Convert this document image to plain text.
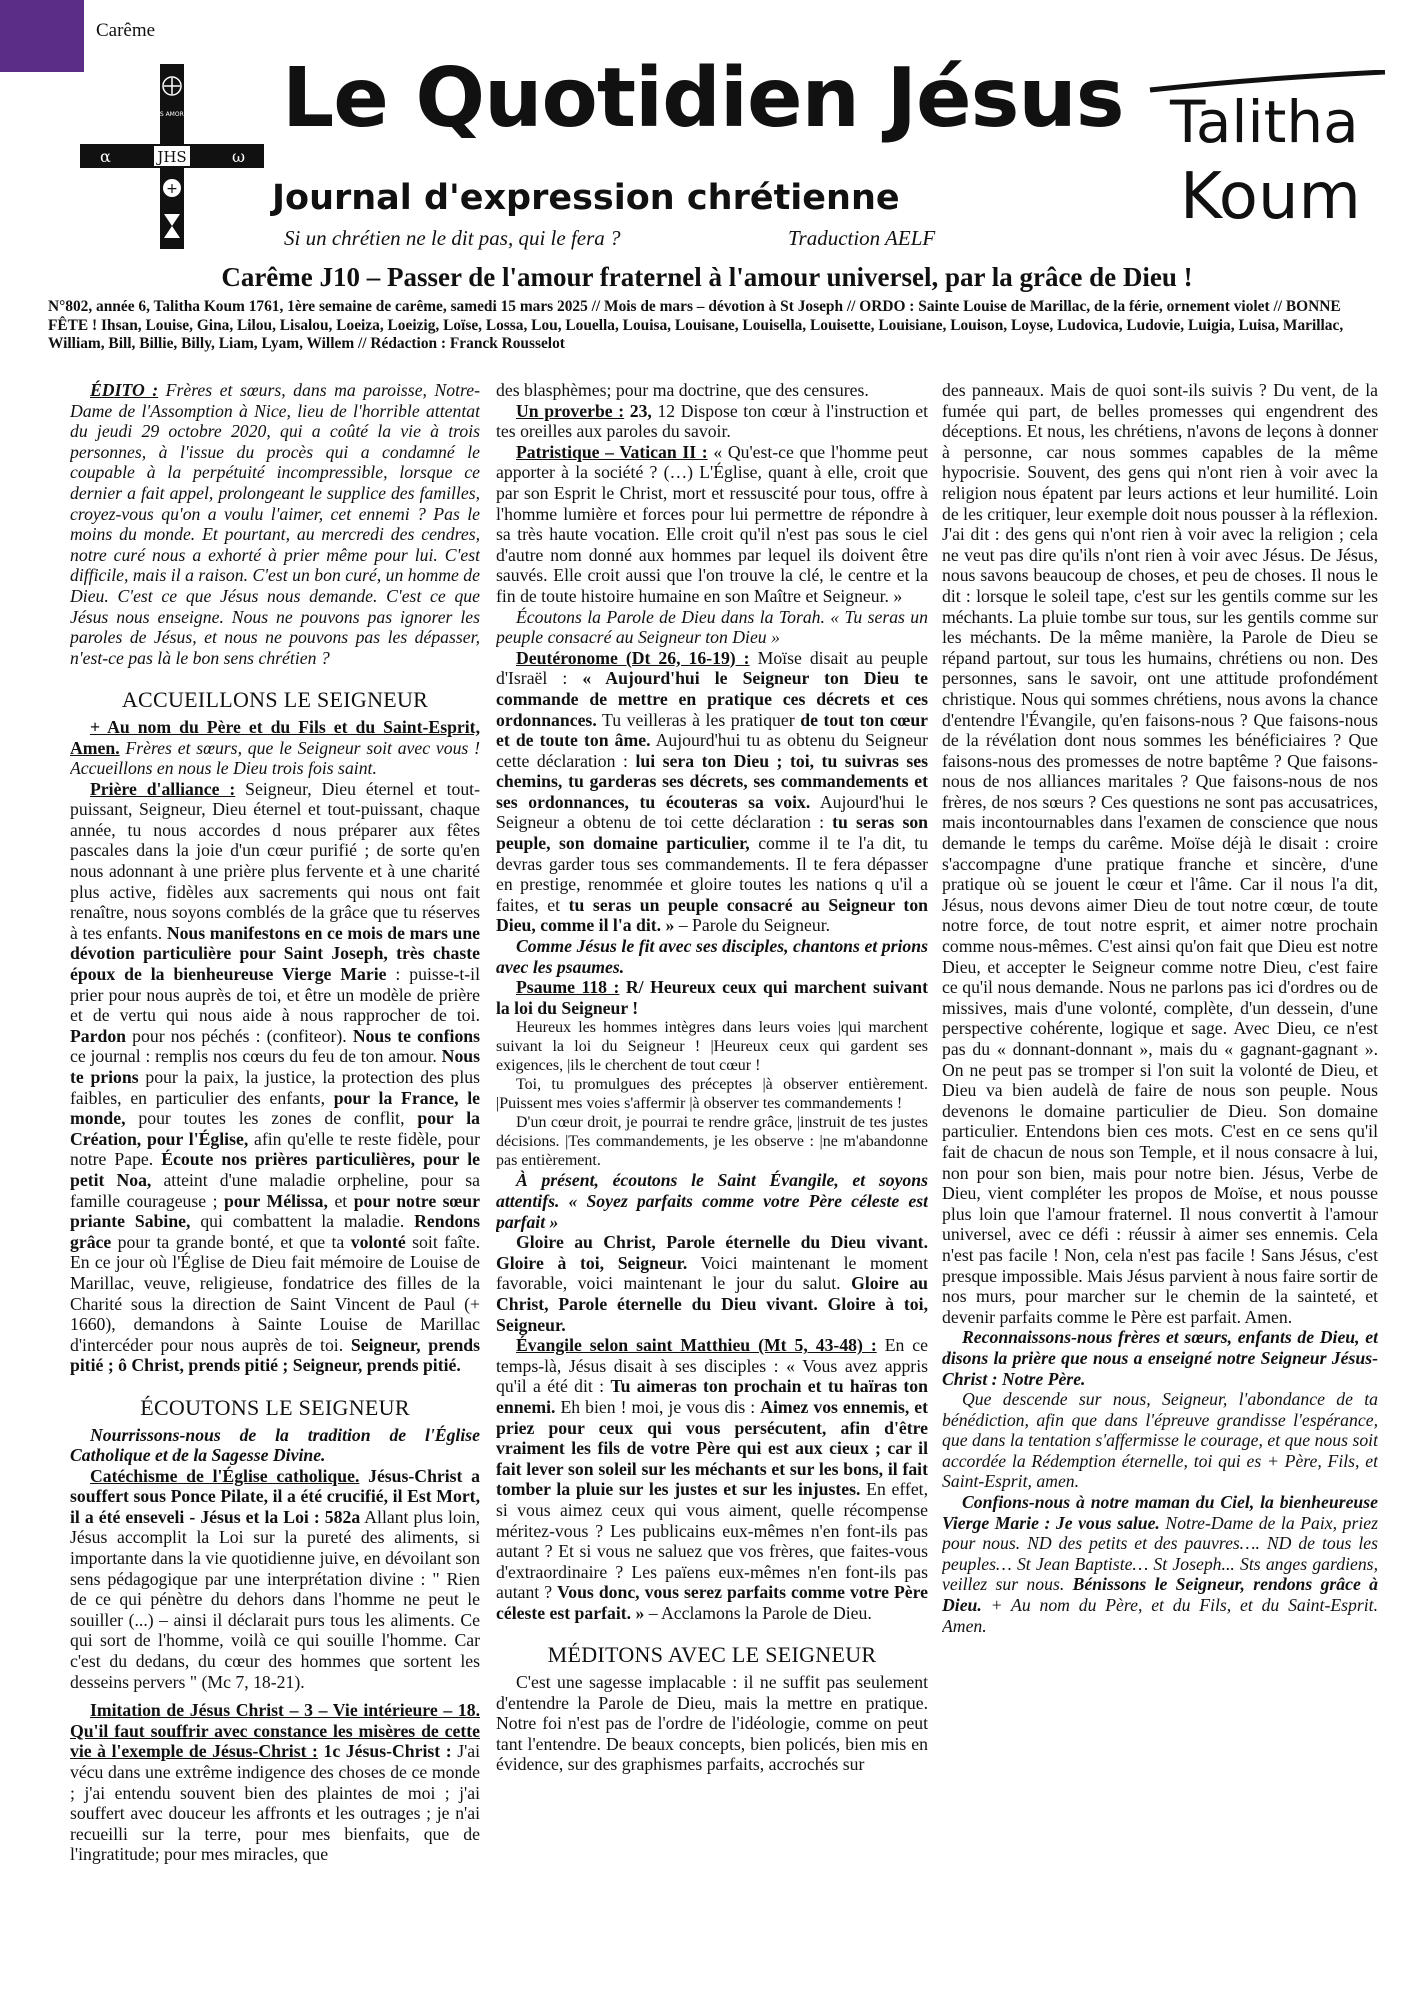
Carême
DEUS AMOR EST
α	ω
JHS
+
Le Quotidien Jésus
Journal d'expression chrétienne
Si un chrétien ne le dit pas, qui le fera ?	Traduction AELF
Talitha
Koum
Carême J10 – Passer de l'amour fraternel à l'amour universel, par la grâce de Dieu !
N°802, année 6, Talitha Koum 1761, 1ère semaine de carême, samedi 15 mars 2025 // Mois de mars – dévotion à St Joseph // ORDO : Sainte Louise de Marillac, de la férie, ornement violet // BONNE FÊTE ! Ihsan, Louise, Gina, Lilou, Lisalou, Loeiza, Loeizig, Loïse, Lossa, Lou, Louella, Louisa, Louisane, Louisella, Louisette, Louisiane, Louison, Loyse, Ludovica, Ludovie, Luigia, Luisa, Marillac, William, Bill, Billie, Billy, Liam, Lyam, Willem // Rédaction : Franck Rousselot

ÉDITO : Frères et sœurs, dans ma paroisse, Notre-Dame de l'Assomption à Nice, lieu de l'horrible attentat du jeudi 29 octobre 2020, qui a coûté la vie à trois personnes, à l'issue du procès qui a condamné le coupable à la perpétuité incompressible, lorsque ce dernier a fait appel, prolongeant le supplice des familles, croyez-vous qu'on a voulu l'aimer, cet ennemi ? Pas le moins du monde. Et pourtant, au mercredi des cendres, notre curé nous a exhorté à prier même pour lui. C'est difficile, mais il a raison. C'est un bon curé, un homme de Dieu. C'est ce que Jésus nous demande. C'est ce que Jésus nous enseigne. Nous ne pouvons pas ignorer les paroles de Jésus, et nous ne pouvons pas les dépasser, n'est-ce pas là le bon sens chrétien ?

ACCUEILLONS LE SEIGNEUR

+ Au nom du Père et du Fils et du Saint-Esprit, Amen. Frères et sœurs, que le Seigneur soit avec vous ! Accueillons en nous le Dieu trois fois saint.

Prière d'alliance : Seigneur, Dieu éternel et tout-puissant, Seigneur, Dieu éternel et tout-puissant, chaque année, tu nous accordes d nous préparer aux fêtes pascales dans la joie d'un cœur purifié ; de sorte qu'en nous adonnant à une prière plus fervente et à une charité plus active, fidèles aux sacrements qui nous ont fait renaître, nous soyons comblés de la grâce que tu réserves à tes enfants. Nous manifestons en ce mois de mars une dévotion particulière pour Saint Joseph, très chaste époux de la bienheureuse Vierge Marie : puisse-t-il prier pour nous auprès de toi, et être un modèle de prière et de vertu qui nous aide à nous rapprocher de toi. Pardon pour nos péchés : (confiteor). Nous te confions ce journal : remplis nos cœurs du feu de ton amour. Nous te prions pour la paix, la justice, la protection des plus faibles, en particulier des enfants, pour la France, le monde, pour toutes les zones de conflit, pour la Création, pour l'Église, afin qu'elle te reste fidèle, pour notre Pape. Écoute nos prières particulières, pour le petit Noa, atteint d'une maladie orpheline, pour sa famille courageuse ; pour Mélissa, et pour notre sœur priante Sabine, qui combattent la maladie. Rendons grâce pour ta grande bonté, et que ta volonté soit faîte. En ce jour où l'Église de Dieu fait mémoire de Louise de Marillac, veuve, religieuse, fondatrice des filles de la Charité sous la direction de Saint Vincent de Paul (+ 1660), demandons à Sainte Louise de Marillac d'intercéder pour nous auprès de toi. Seigneur, prends pitié ; ô Christ, prends pitié ; Seigneur, prends pitié.

ÉCOUTONS LE SEIGNEUR

Nourrissons-nous de la tradition de l'Église Catholique et de la Sagesse Divine.

Catéchisme de l'Église catholique. Jésus-Christ a souffert sous Ponce Pilate, il a été crucifié, il Est Mort, il a été enseveli - Jésus et la Loi : 582a Allant plus loin, Jésus accomplit la Loi sur la pureté des aliments, si importante dans la vie quotidienne juive, en dévoilant son sens pédagogique par une interprétation divine : " Rien de ce qui pénètre du dehors dans l'homme ne peut le souiller (...) – ainsi il déclarait purs tous les aliments. Ce qui sort de l'homme, voilà ce qui souille l'homme. Car c'est du dedans, du cœur des hommes que sortent les desseins pervers " (Mc 7, 18-21).

Imitation de Jésus Christ – 3 – Vie intérieure – 18. Qu'il faut souffrir avec constance les misères de cette vie à l'exemple de Jésus-Christ : 1c Jésus-Christ : J'ai vécu dans une extrême indigence des choses de ce monde ; j'ai entendu souvent bien des plaintes de moi ; j'ai souffert avec douceur les affronts et les outrages ; je n'ai recueilli sur la terre, pour mes bienfaits, que de l'ingratitude; pour mes miracles, que

des blasphèmes; pour ma doctrine, que des censures.

Un proverbe : 23, 12 Dispose ton cœur à l'instruction et tes oreilles aux paroles du savoir.

Patristique – Vatican II : « Qu'est-ce que l'homme peut apporter à la société ? (…) L'Église, quant à elle, croit que par son Esprit le Christ, mort et ressuscité pour tous, offre à l'homme lumière et forces pour lui permettre de répondre à sa très haute vocation. Elle croit qu'il n'est pas sous le ciel d'autre nom donné aux hommes par lequel ils doivent être sauvés. Elle croit aussi que l'on trouve la clé, le centre et la fin de toute histoire humaine en son Maître et Seigneur. »

Écoutons la Parole de Dieu dans la Torah. « Tu seras un peuple consacré au Seigneur ton Dieu »

Deutéronome (Dt 26, 16-19) : Moïse disait au peuple d'Israël : « Aujourd'hui le Seigneur ton Dieu te commande de mettre en pratique ces décrets et ces ordonnances. Tu veilleras à les pratiquer de tout ton cœur et de toute ton âme. Aujourd'hui tu as obtenu du Seigneur cette déclaration : lui sera ton Dieu ; toi, tu suivras ses chemins, tu garderas ses décrets, ses commandements et ses ordonnances, tu écouteras sa voix. Aujourd'hui le Seigneur a obtenu de toi cette déclaration : tu seras son peuple, son domaine particulier, comme il te l'a dit, tu devras garder tous ses commandements. Il te fera dépasser en prestige, renommée et gloire toutes les nations q u'il a faites, et tu seras un peuple consacré au Seigneur ton Dieu, comme il l'a dit. » – Parole du Seigneur.

Comme Jésus le fit avec ses disciples, chantons et prions avec les psaumes.

Psaume 118 : R/ Heureux ceux qui marchent suivant la loi du Seigneur !

Heureux les hommes intègres dans leurs voies |qui marchent suivant la loi du Seigneur ! |Heureux ceux qui gardent ses exigences, |ils le cherchent de tout cœur !

Toi, tu promulgues des préceptes |à observer entièrement. |Puissent mes voies s'affermir |à observer tes commandements !

D'un cœur droit, je pourrai te rendre grâce, |instruit de tes justes décisions. |Tes commandements, je les observe : |ne m'abandonne pas entièrement.

À présent, écoutons le Saint Évangile, et soyons attentifs. « Soyez parfaits comme votre Père céleste est parfait »

Gloire au Christ, Parole éternelle du Dieu vivant. Gloire à toi, Seigneur. Voici maintenant le moment favorable, voici maintenant le jour du salut. Gloire au Christ, Parole éternelle du Dieu vivant. Gloire à toi, Seigneur.

Évangile selon saint Matthieu (Mt 5, 43-48) : En ce temps-là, Jésus disait à ses disciples : « Vous avez appris qu'il a été dit : Tu aimeras ton prochain et tu haïras ton ennemi. Eh bien ! moi, je vous dis : Aimez vos ennemis, et priez pour ceux qui vous persécutent, afin d'être vraiment les fils de votre Père qui est aux cieux ; car il fait lever son soleil sur les méchants et sur les bons, il fait tomber la pluie sur les justes et sur les injustes. En effet, si vous aimez ceux qui vous aiment, quelle récompense méritez-vous ? Les publicains eux-mêmes n'en font-ils pas autant ? Et si vous ne saluez que vos frères, que faites-vous d'extraordinaire ? Les païens eux-mêmes n'en font-ils pas autant ? Vous donc, vous serez parfaits comme votre Père céleste est parfait. » – Acclamons la Parole de Dieu.

MÉDITONS AVEC LE SEIGNEUR

C'est une sagesse implacable : il ne suffit pas seulement d'entendre la Parole de Dieu, mais la mettre en pratique. Notre foi n'est pas de l'ordre de l'idéologie, comme on peut tant l'entendre. De beaux concepts, bien policés, bien mis en évidence, sur des graphismes parfaits, accrochés sur

des panneaux. Mais de quoi sont-ils suivis ? Du vent, de la fumée qui part, de belles promesses qui engendrent des déceptions. Et nous, les chrétiens, n'avons de leçons à donner à personne, car nous sommes capables de la même hypocrisie. Souvent, des gens qui n'ont rien à voir avec la religion nous épatent par leurs actions et leur humilité. Loin de les critiquer, leur exemple doit nous pousser à la réflexion. J'ai dit : des gens qui n'ont rien à voir avec la religion ; cela ne veut pas dire qu'ils n'ont rien à voir avec Jésus. De Jésus, nous savons beaucoup de choses, et peu de choses. Il nous le dit : lorsque le soleil tape, c'est sur les gentils comme sur les méchants. La pluie tombe sur tous, sur les gentils comme sur les méchants. De la même manière, la Parole de Dieu se répand partout, sur tous les humains, chrétiens ou non. Des personnes, sans le savoir, ont une attitude profondément christique. Nous qui sommes chrétiens, nous avons la chance d'entendre l'Évangile, qu'en faisons-nous ? Que faisons-nous de la révélation dont nous sommes les bénéficiaires ? Que faisons-nous des promesses de notre baptême ? Que faisons-nous de nos alliances maritales ? Que faisons-nous de nos frères, de nos sœurs ? Ces questions ne sont pas accusatrices, mais incontournables dans l'examen de conscience que nous demande le temps du carême. Moïse déjà le disait : croire s'accompagne d'une pratique franche et sincère, d'une pratique où se jouent le cœur et l'âme. Car il nous l'a dit, Jésus, nous devons aimer Dieu de tout notre cœur, de toute notre force, de tout notre esprit, et aimer notre prochain comme nous-mêmes. C'est ainsi qu'on fait que Dieu est notre Dieu, et accepter le Seigneur comme notre Dieu, c'est faire ce qu'il nous demande. Nous ne parlons pas ici d'ordres ou de missives, mais d'une volonté, complète, d'un dessein, d'une perspective cohérente, logique et sage. Avec Dieu, ce n'est pas du « donnant-donnant », mais du « gagnant-gagnant ». On ne peut pas se tromper si l'on suit la volonté de Dieu, et Dieu va bien audelà de faire de nous son peuple. Nous devenons le domaine particulier de Dieu. Son domaine particulier. Entendons bien ces mots. C'est en ce sens qu'il fait de chacun de nous son Temple, et il nous consacre à lui, non pour son bien, mais pour notre bien. Jésus, Verbe de Dieu, vient compléter les propos de Moïse, et nous pousse plus loin que l'amour fraternel. Il nous convertit à l'amour universel, avec ce défi : réussir à aimer ses ennemis. Cela n'est pas facile ! Non, cela n'est pas facile ! Sans Jésus, c'est presque impossible. Mais Jésus parvient à nous faire sortir de nos murs, pour marcher sur le chemin de la sainteté, et devenir parfaits comme le Père est parfait. Amen.

Reconnaissons-nous frères et sœurs, enfants de Dieu, et disons la prière que nous a enseigné notre Seigneur Jésus-Christ : Notre Père.

Que descende sur nous, Seigneur, l'abondance de ta bénédiction, afin que dans l'épreuve grandisse l'espérance, que dans la tentation s'affermisse le courage, et que nous soit accordée la Rédemption éternelle, toi qui es + Père, Fils, et Saint-Esprit, amen.

Confions-nous à notre maman du Ciel, la bienheureuse Vierge Marie : Je vous salue. Notre-Dame de la Paix, priez pour nous. ND des petits et des pauvres…. ND de tous les peuples… St Jean Baptiste… St Joseph... Sts anges gardiens, veillez sur nous. Bénissons le Seigneur, rendons grâce à Dieu. + Au nom du Père, et du Fils, et du Saint-Esprit. Amen.
